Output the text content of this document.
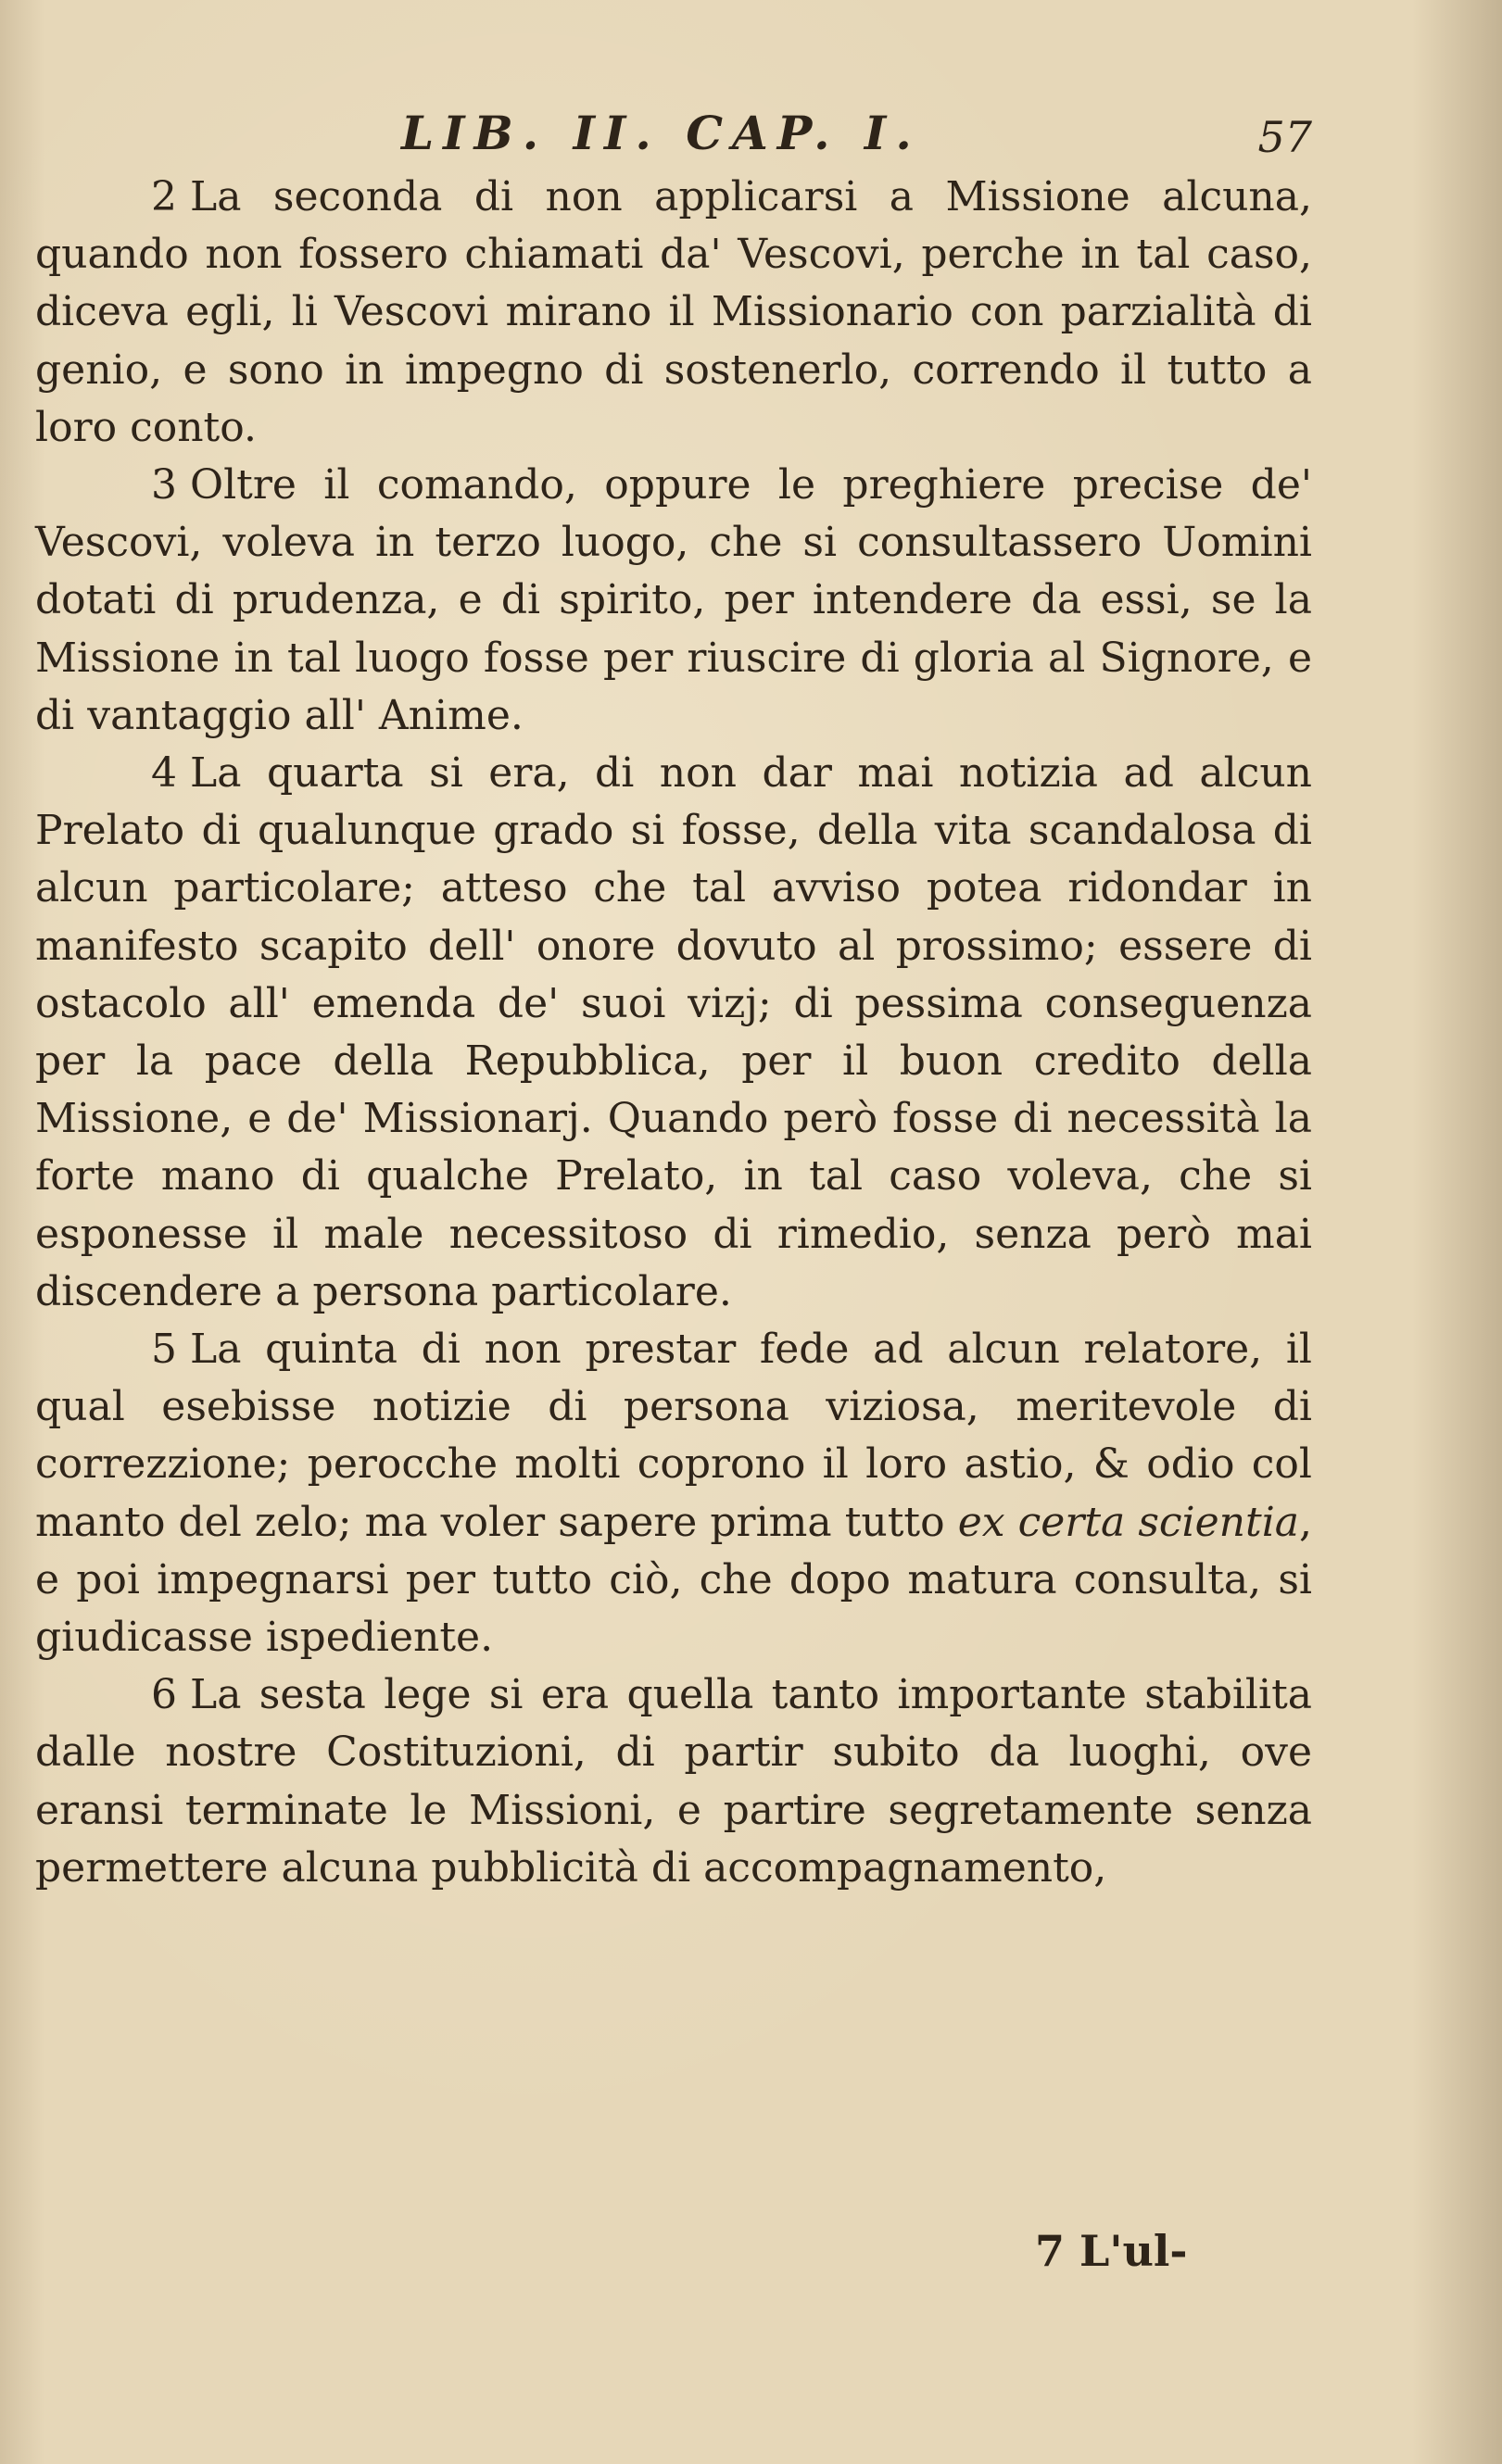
LIB. II. CAP. I.	57

2 La seconda di non applicarsi a Missione alcuna, quando non fossero chiamati da' Vescovi, perche in tal caso, diceva egli, li Vescovi mirano il Missionario con parzialità di genio, e sono in impegno di sostenerlo, correndo il tutto a loro conto.

3 Oltre il comando, oppure le preghiere precise de' Vescovi, voleva in terzo luogo, che si consultassero Uomini dotati di prudenza, e di spirito, per intendere da essi, se la Missione in tal luogo fosse per riuscire di gloria al Signore, e di vantaggio all' Anime.

4 La quarta si era, di non dar mai notizia ad alcun Prelato di qualunque grado si fosse, della vita scandalosa di alcun particolare; atteso che tal avviso potea ridondar in manifesto scapito dell' onore dovuto al prossimo; essere di ostacolo all' emenda de' suoi vizj; di pessima conseguenza per la pace della Repubblica, per il buon credito della Missione, e de' Missionarj. Quando però fosse di necessità la forte mano di qualche Prelato, in tal caso voleva, che si esponesse il male necessitoso di rimedio, senza però mai discendere a persona particolare.

5 La quinta di non prestar fede ad alcun relatore, il qual esebisse notizie di persona viziosa, meritevole di correzzione; perocche molti coprono il loro astio, & odio col manto del zelo; ma voler sapere prima tutto ex certa scientia, e poi impegnarsi per tutto ciò, che dopo matura consulta, si giudicasse ispediente.

6 La sesta lege si era quella tanto importante stabilita dalle nostre Costituzioni, di partir subito da luoghi, ove eransi terminate le Missioni, e partire segretamente senza permettere alcuna pubblicità di accompagnamento,

7 L'ul-
